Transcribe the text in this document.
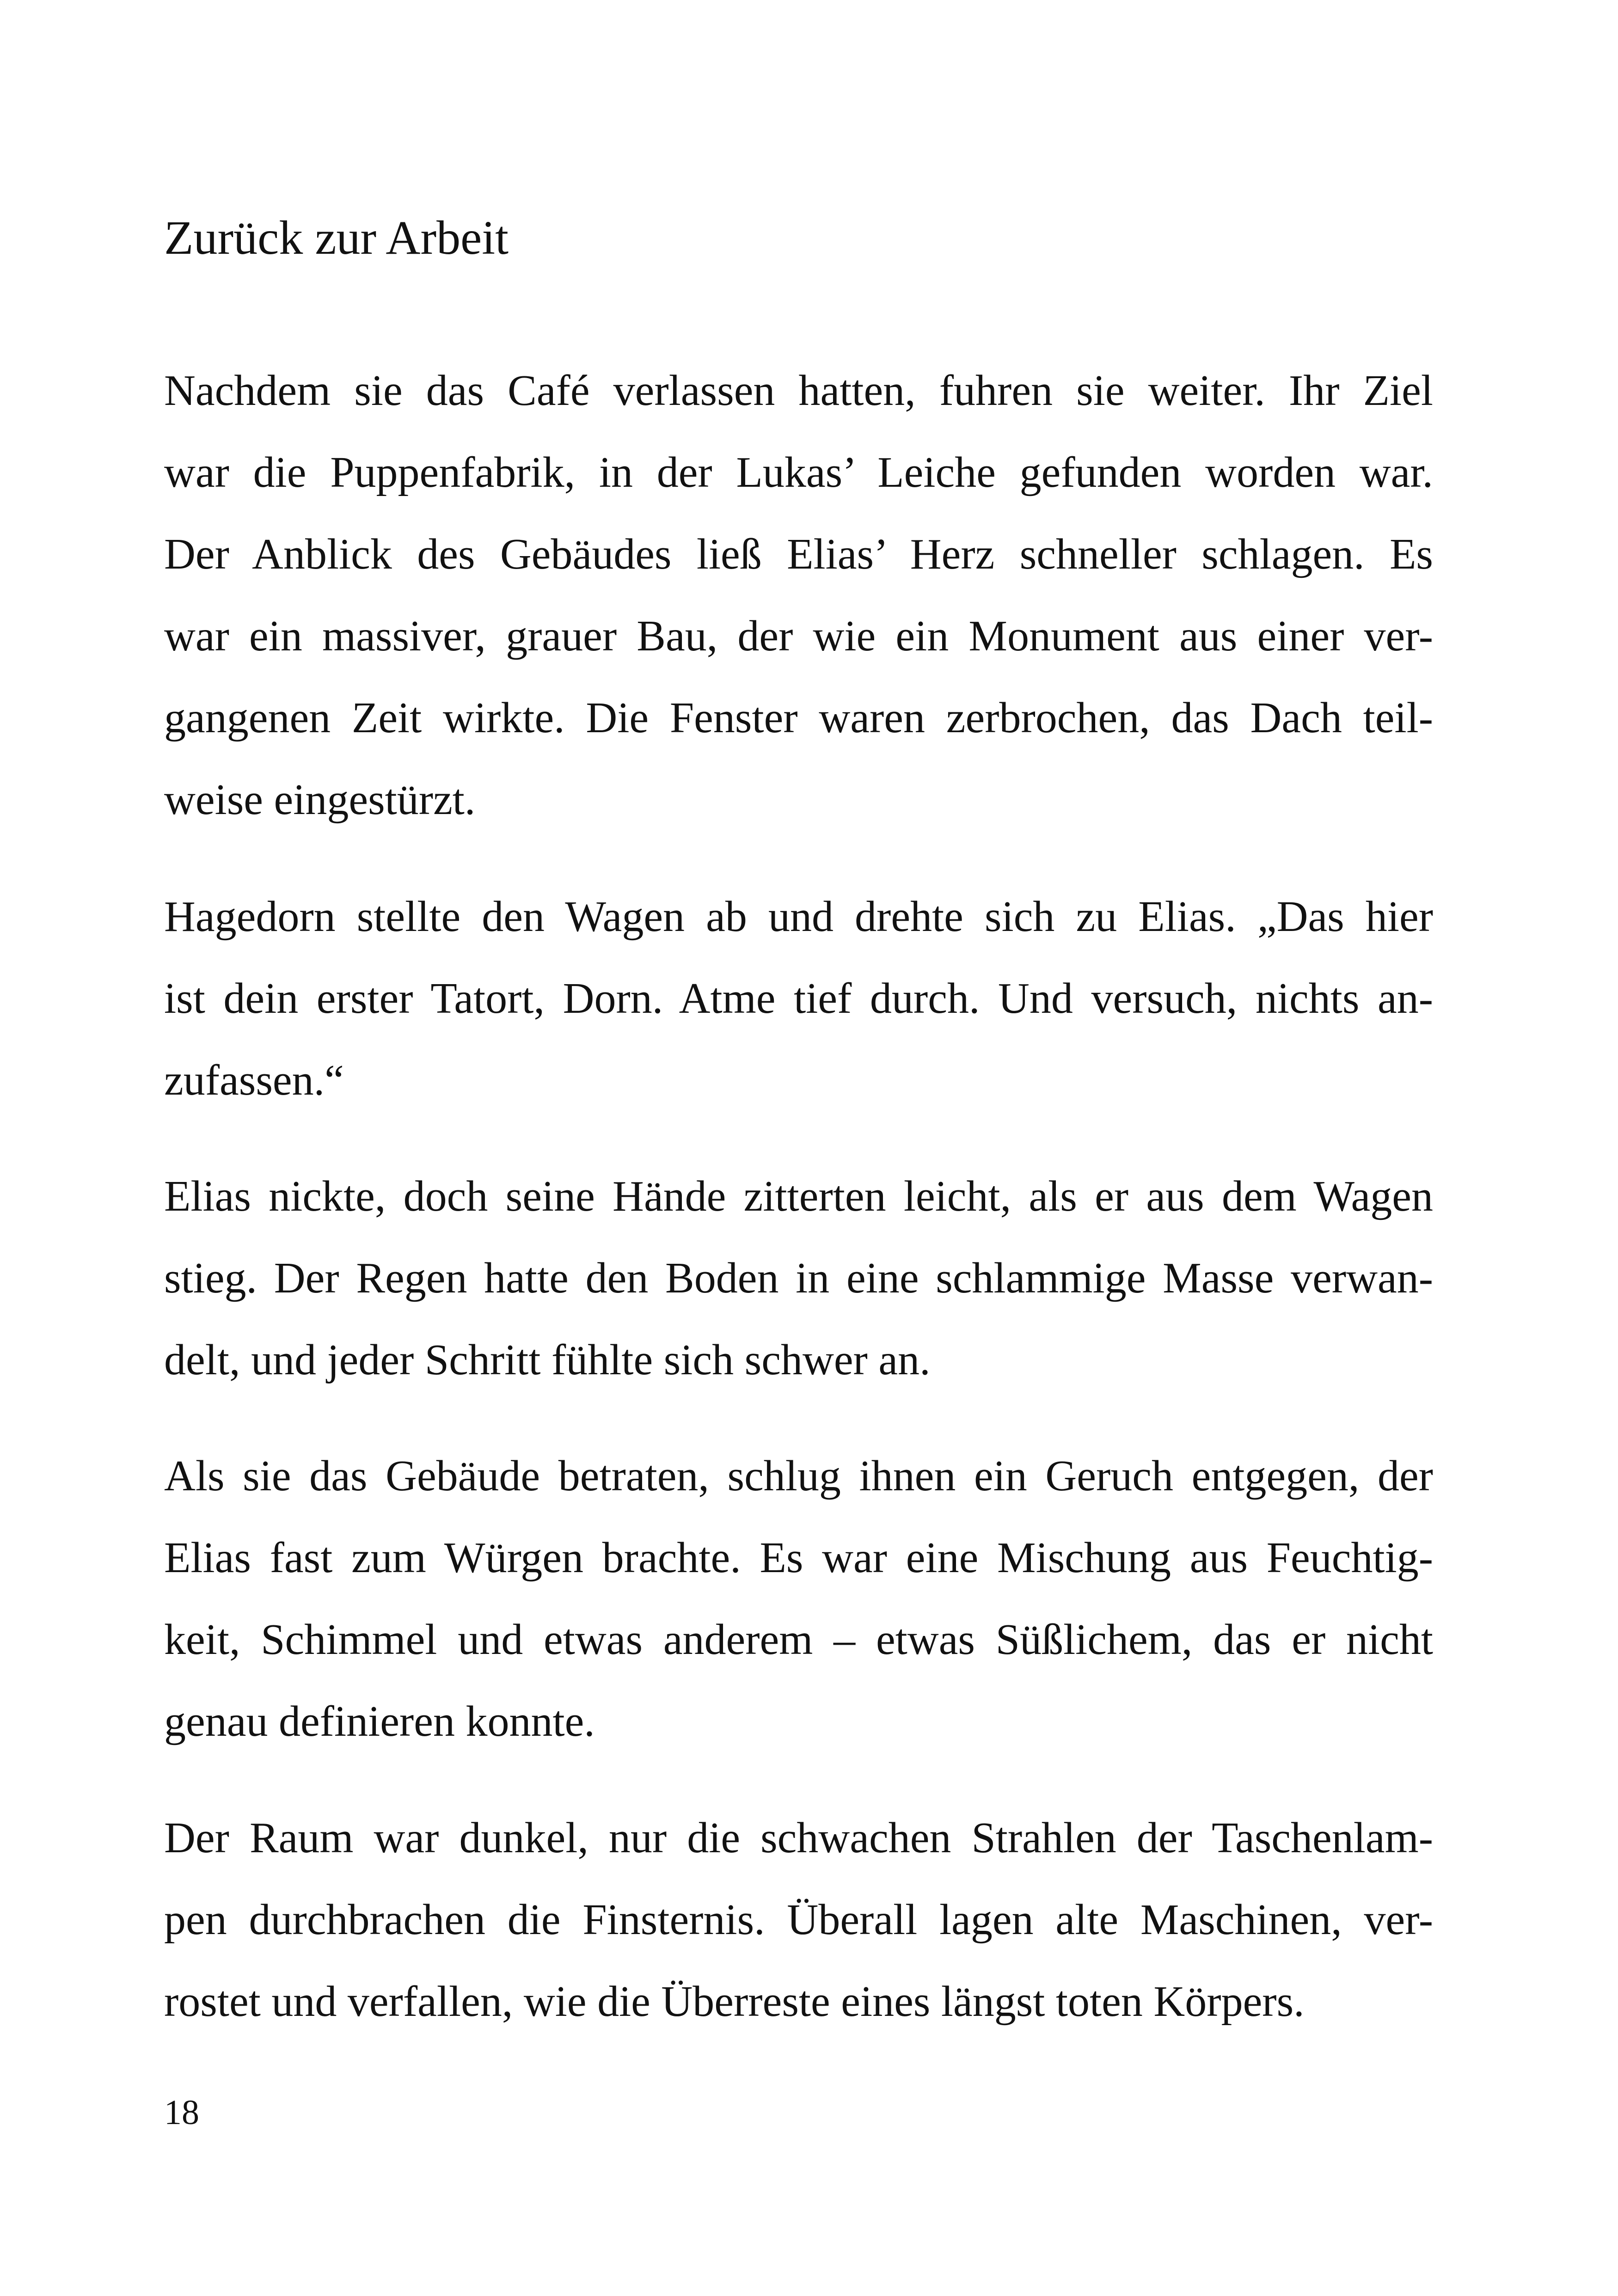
Zurück zur Arbeit
Nachdem sie das Café verlassen hatten, fuhren sie weiter. Ihr Ziel
war die Puppenfabrik, in der Lukas’ Leiche gefunden worden war.
Der Anblick des Gebäudes ließ Elias’ Herz schneller schlagen. Es
war ein massiver, grauer Bau, der wie ein Monument aus einer ver-
gangenen Zeit wirkte. Die Fenster waren zerbrochen, das Dach teil-
weise eingestürzt.
Hagedorn stellte den Wagen ab und drehte sich zu Elias. „Das hier
ist dein erster Tatort, Dorn. Atme tief durch. Und versuch, nichts an-
zufassen.“
Elias nickte, doch seine Hände zitterten leicht, als er aus dem Wagen
stieg. Der Regen hatte den Boden in eine schlammige Masse verwan-
delt, und jeder Schritt fühlte sich schwer an.
Als sie das Gebäude betraten, schlug ihnen ein Geruch entgegen, der
Elias fast zum Würgen brachte. Es war eine Mischung aus Feuchtig-
keit, Schimmel und etwas anderem – etwas Süßlichem, das er nicht
genau definieren konnte.
Der Raum war dunkel, nur die schwachen Strahlen der Taschenlam-
pen durchbrachen die Finsternis. Überall lagen alte Maschinen, ver-
rostet und verfallen, wie die Überreste eines längst toten Körpers.

18
